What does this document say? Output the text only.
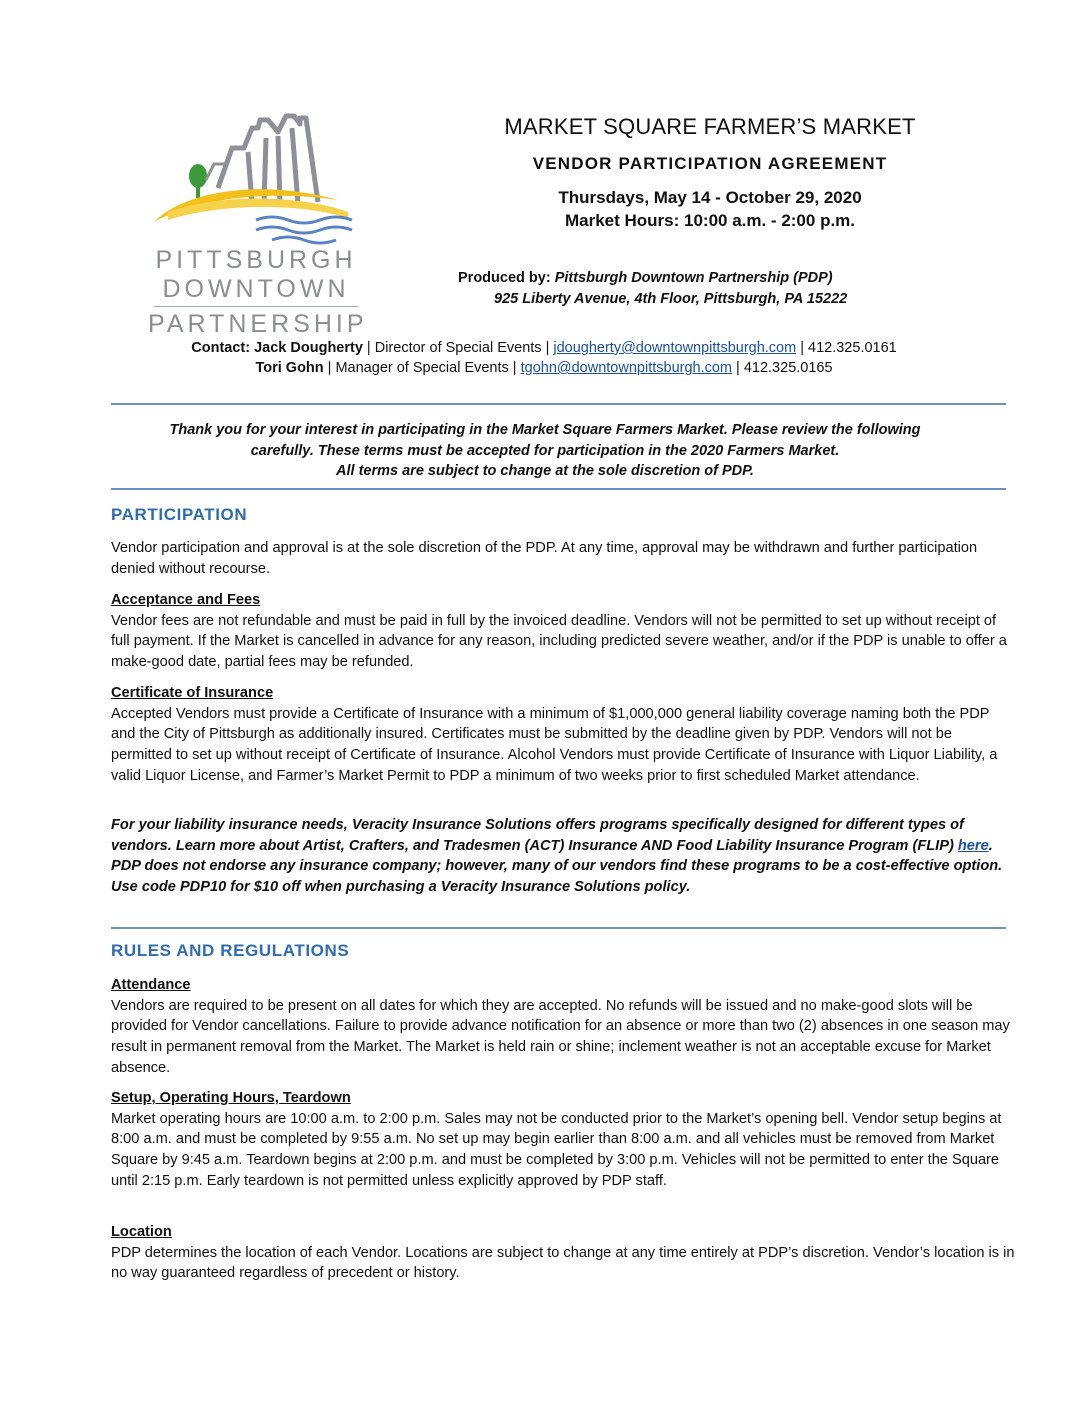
PITTSBURGH
DOWNTOWN
PARTNERSHIP
MARKET SQUARE FARMER’S MARKET
VENDOR PARTICIPATION AGREEMENT
Thursdays, May 14 - October 29, 2020
Market Hours: 10:00 a.m. - 2:00 p.m.
Produced by: Pittsburgh Downtown Partnership (PDP)
925 Liberty Avenue, 4th Floor, Pittsburgh, PA 15222
Contact: Jack Dougherty | Director of Special Events | jdougherty@downtownpittsburgh.com | 412.325.0161
Tori Gohn | Manager of Special Events | tgohn@downtownpittsburgh.com | 412.325.0165
Thank you for your interest in participating in the Market Square Farmers Market. Please review the following
carefully. These terms must be accepted for participation in the 2020 Farmers Market.
All terms are subject to change at the sole discretion of PDP.
PARTICIPATION
Vendor participation and approval is at the sole discretion of the PDP. At any time, approval may be withdrawn and further participation denied without recourse.
Acceptance and Fees

Vendor fees are not refundable and must be paid in full by the invoiced deadline. Vendors will not be permitted to set up without receipt of full payment. If the Market is cancelled in advance for any reason, including predicted severe weather, and/or if the PDP is unable to offer a make-good date, partial fees may be refunded.

Certificate of Insurance

Accepted Vendors must provide a Certificate of Insurance with a minimum of $1,000,000 general liability coverage naming both the PDP and the City of Pittsburgh as additionally insured. Certificates must be submitted by the deadline given by PDP. Vendors will not be permitted to set up without receipt of Certificate of Insurance. Alcohol Vendors must provide Certificate of Insurance with Liquor Liability, a valid Liquor License, and Farmer’s Market Permit to PDP a minimum of two weeks prior to first scheduled Market attendance.

For your liability insurance needs, Veracity Insurance Solutions offers programs specifically designed for different types of vendors. Learn more about Artist, Crafters, and Tradesmen (ACT) Insurance AND Food Liability Insurance Program (FLIP) here. PDP does not endorse any insurance company; however, many of our vendors find these programs to be a cost-effective option. Use code PDP10 for $10 off when purchasing a Veracity Insurance Solutions policy.
RULES AND REGULATIONS
Attendance

Vendors are required to be present on all dates for which they are accepted. No refunds will be issued and no make-good slots will be provided for Vendor cancellations. Failure to provide advance notification for an absence or more than two (2) absences in one season may result in permanent removal from the Market. The Market is held rain or shine; inclement weather is not an acceptable excuse for Market absence.

Setup, Operating Hours, Teardown

Market operating hours are 10:00 a.m. to 2:00 p.m. Sales may not be conducted prior to the Market’s opening bell. Vendor setup begins at 8:00 a.m. and must be completed by 9:55 a.m. No set up may begin earlier than 8:00 a.m. and all vehicles must be removed from Market Square by 9:45 a.m. Teardown begins at 2:00 p.m. and must be completed by 3:00 p.m. Vehicles will not be permitted to enter the Square until 2:15 p.m. Early teardown is not permitted unless explicitly approved by PDP staff.

Location

PDP determines the location of each Vendor. Locations are subject to change at any time entirely at PDP’s discretion. Vendor’s location is in no way guaranteed regardless of precedent or history.
